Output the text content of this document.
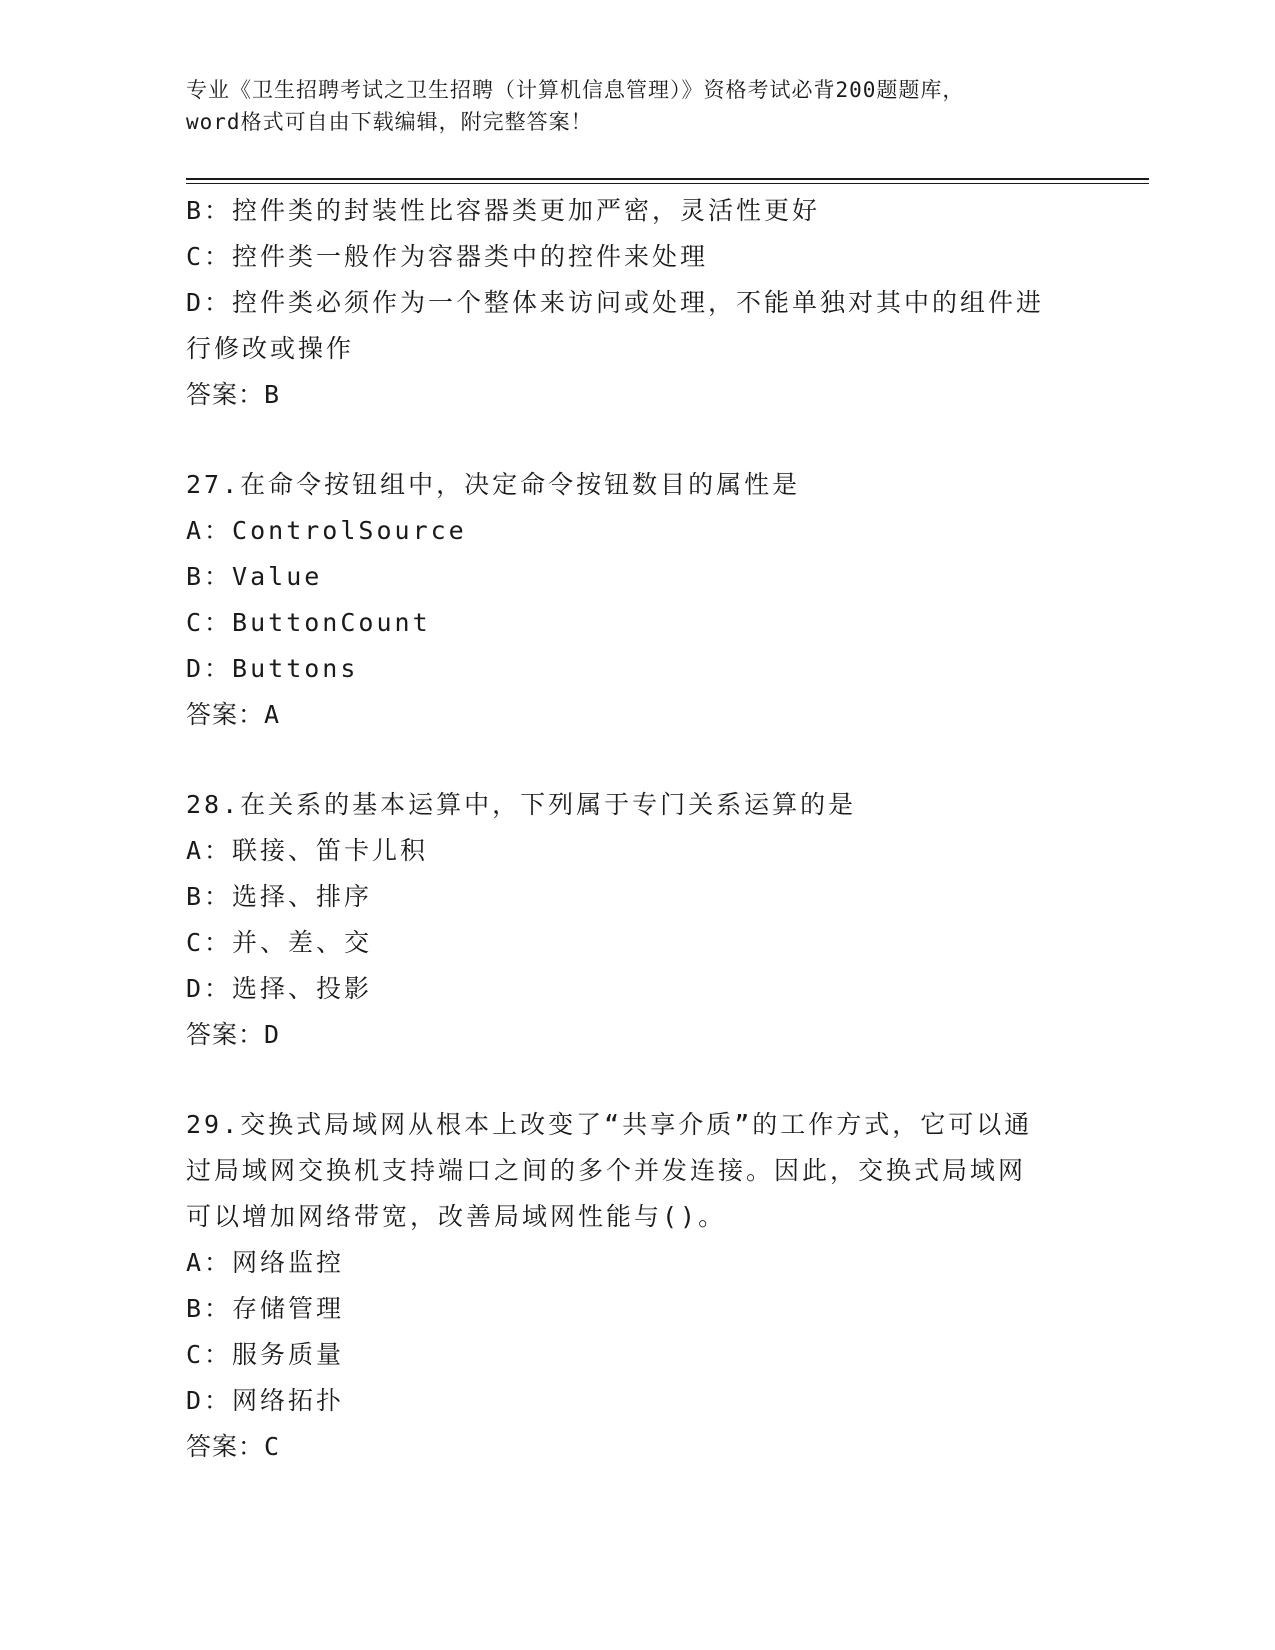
专业《卫生招聘考试之卫生招聘（计算机信息管理）》资格考试必背200题题库，
word格式可自由下载编辑，附完整答案！
B：控件类的封装性比容器类更加严密，灵活性更好
C：控件类一般作为容器类中的控件来处理
D：控件类必须作为一个整体来访问或处理，不能单独对其中的组件进
行修改或操作
答案：B
27.在命令按钮组中，决定命令按钮数目的属性是
A：ControlSource
B：Value
C：ButtonCount
D：Buttons
答案：A
28.在关系的基本运算中，下列属于专门关系运算的是
A：联接、笛卡儿积
B：选择、排序
C：并、差、交
D：选择、投影
答案：D
29.交换式局域网从根本上改变了“共享介质”的工作方式，它可以通
过局域网交换机支持端口之间的多个并发连接。因此，交换式局域网
可以增加网络带宽，改善局域网性能与()。
A：网络监控
B：存储管理
C：服务质量
D：网络拓扑
答案：C
